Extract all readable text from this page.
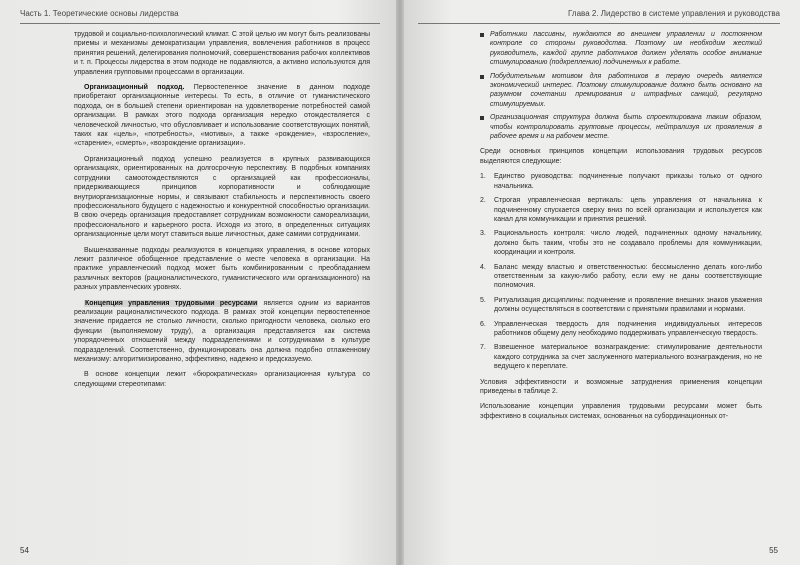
Часть 1. Теоретические основы лидерства

трудовой и социально-психологический климат. С этой целью им могут быть реализованы приемы и механизмы демократизации управления, вовлечения работников в процесс принятия решений, делегирования полномочий, совершенствования рабочих коллективов и т. п. Процессы лидерства в этом подходе не подавляются, а активно используются для управления групповыми процессами в организации.

Организационный подход. Первостепенное значение в данном подходе приобретают организационные интересы. То есть, в отличие от гуманистического подхода, он в большей степени ориентирован на удовлетворение потребностей самой организации. В рамках этого подхода организация нередко отождествляется с человеческой личностью, что обусловливает и использование соответствующих понятий, таких как «цель», «потребность», «мотивы», а также «рождение», «взросление», «старение», «смерть», «возрождение организации».

Организационный подход успешно реализуется в крупных развивающихся организациях, ориентированных на долгосрочную перспективу. В подобных компаниях сотрудники самоотождествляются с организацией как профессионалы, придерживающиеся принципов корпоративности и соблюдающие внутриорганизационные нормы, и связывают стабильность и перспективность своего профессионального будущего с надежностью и конкурентной способностью организации. В свою очередь организация предоставляет сотрудникам возможности самореализации, профессионального и карьерного роста. Исходя из этого, в определенных ситуациях организационные цели могут ставиться выше личностных, даже самими сотрудниками.

Вышеназванные подходы реализуются в концепциях управления, в основе которых лежит различное обобщенное представление о месте человека в организации. На практике управленческий подход может быть комбинированным с преобладанием различных векторов (рационалистического, гуманистического или организационного) на разных управленческих уровнях.

Концепция управления трудовыми ресурсами является одним из вариантов реализации рационалистического подхода. В рамках этой концепции первостепенное значение придается не столько личности, сколько пригодности человека, сколько его функции (выполняемому труду), а организация представляется как система упорядоченных отношений между подразделениями и сотрудниками в культуре подразделений. Соответственно, функционировать она должна подобно отлаженному механизму: алгоритмизированно, эффективно, надежно и предсказуемо.

В основе концепции лежит «бюрократическая» организационная культура со следующими стереотипами:

54
Глава 2. Лидерство в системе управления и руководства
Работники пассивны, нуждаются во внешнем управлении и постоянном контроле со стороны руководства. Поэтому им необходим жесткий руководитель, каждой группе работников должен уделять особое внимание стимулированию (подкреплению) подчиненных к работе.
Побудительным мотивом для работников в первую очередь является экономический интерес. Поэтому стимулирование должно быть основано на разумном сочетании премирования и штрафных санкций, регулярно стимулируемых.
Организационная структура должна быть спроектирована таким образом, чтобы контролировать групповые процессы, нейтрализуя их проявления в рабочее время и на рабочем месте.

Среди основных принципов концепции использования трудовых ресурсов выделяются следующие:

1. Единство руководства: подчиненные получают приказы только от одного начальника.
2. Строгая управленческая вертикаль: цепь управления от начальника к подчиненному спускается сверху вниз по всей организации и используется как канал для коммуникации и принятия решений.
3. Рациональность контроля: число людей, подчиненных одному начальнику, должно быть таким, чтобы это не создавало проблемы для коммуникации, координации и контроля.
4. Баланс между властью и ответственностью: бессмысленно делать кого-либо ответственным за какую-либо работу, если ему не даны соответствующие полномочия.
5. Ритуализация дисциплины: подчинение и проявление внешних знаков уважения должны осуществляться в соответствии с принятыми правилами и нормами.
6. Управленческая твердость для подчинения индивидуальных интересов работников общему делу необходимо поддерживать управленческую твердость.
7. Взвешенное материальное вознаграждение: стимулирование деятельности каждого сотрудника за счет заслуженного материального вознаграждения, но не ведущего к переплате.

Условия эффективности и возможные затруднения применения концепции приведены в таблице 2.

Использование концепции управления трудовыми ресурсами может быть эффективно в социальных системах, основанных на субординационных от-

55
